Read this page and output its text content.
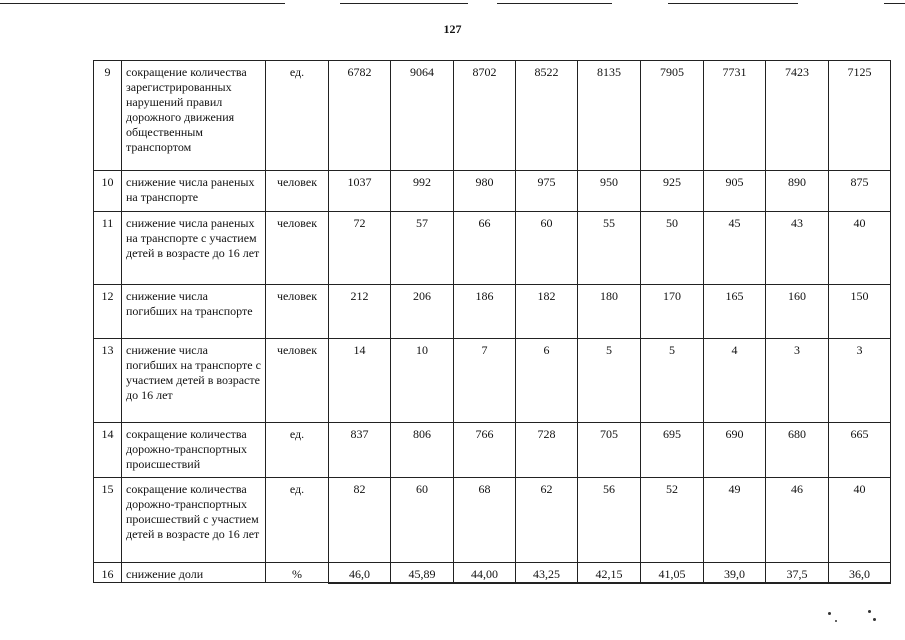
127
9	сокращение количества зарегистрированных нарушений правил дорожного движения общественным транспортом	ед.	6782	9064	8702	8522	8135	7905	7731	7423	7125
10	снижение числа раненых на транспорте	человек	1037	992	980	975	950	925	905	890	875
11	снижение числа раненых на транспорте с участием детей в возрасте до 16 лет	человек	72	57	66	60	55	50	45	43	40
12	снижение числа погибших на транспорте	человек	212	206	186	182	180	170	165	160	150
13	снижение числа погибших на транспорте с участием детей в возрасте до 16 лет	человек	14	10	7	6	5	5	4	3	3
14	сокращение количества дорожно-транспортных происшествий	ед.	837	806	766	728	705	695	690	680	665
15	сокращение количества дорожно-транспортных происшествий с участием детей в возрасте до 16 лет	ед.	82	60	68	62	56	52	49	46	40
16	снижение доли	%	46,0	45,89	44,00	43,25	42,15	41,05	39,0	37,5	36,0
